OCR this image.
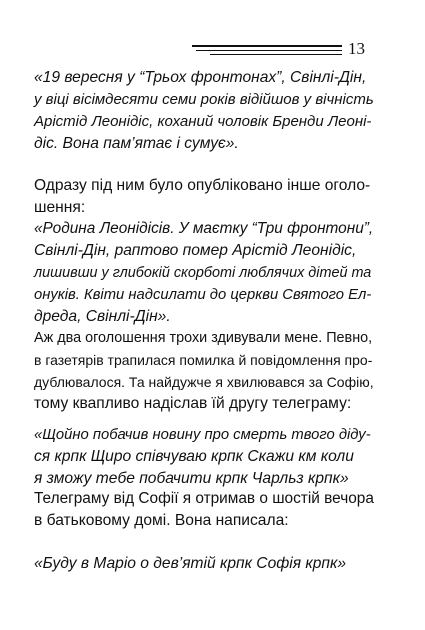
13

«19 вересня у “Трьох фронтонах”, Свінлі-Дін,
у віці вісімдесяти семи років відійшов у вічність
Арістід Леонідіс, коханий чоловік Бренди Леоні-
діс. Вона пам’ятає і сумує».

Одразу під ним було опубліковано інше оголо-
шення:

«Родина Леонідісів. У маєтку “Три фронтони”,
Свінлі-Дін, раптово помер Арістід Леонідіс,
лишивши у глибокій скорботі люблячих дітей та
онуків. Квіти надсилати до церкви Святого Ел-
дреда, Свінлі-Дін».

Аж два оголошення трохи здивували мене. Певно,
в газетярів трапилася помилка й повідомлення про-
дублювалося. Та найдужче я хвилювався за Софію,
тому квапливо надіслав їй другу телеграму:

«Щойно побачив новину про смерть твого діду-
ся крпк Щиро співчуваю крпк Скажи км коли
я зможу тебе побачити крпк Чарльз крпк»

Телеграму від Софії я отримав о шостій вечора
в батьковому домі. Вона написала:

«Буду в Маріо о дев’ятій крпк Софія крпк»
